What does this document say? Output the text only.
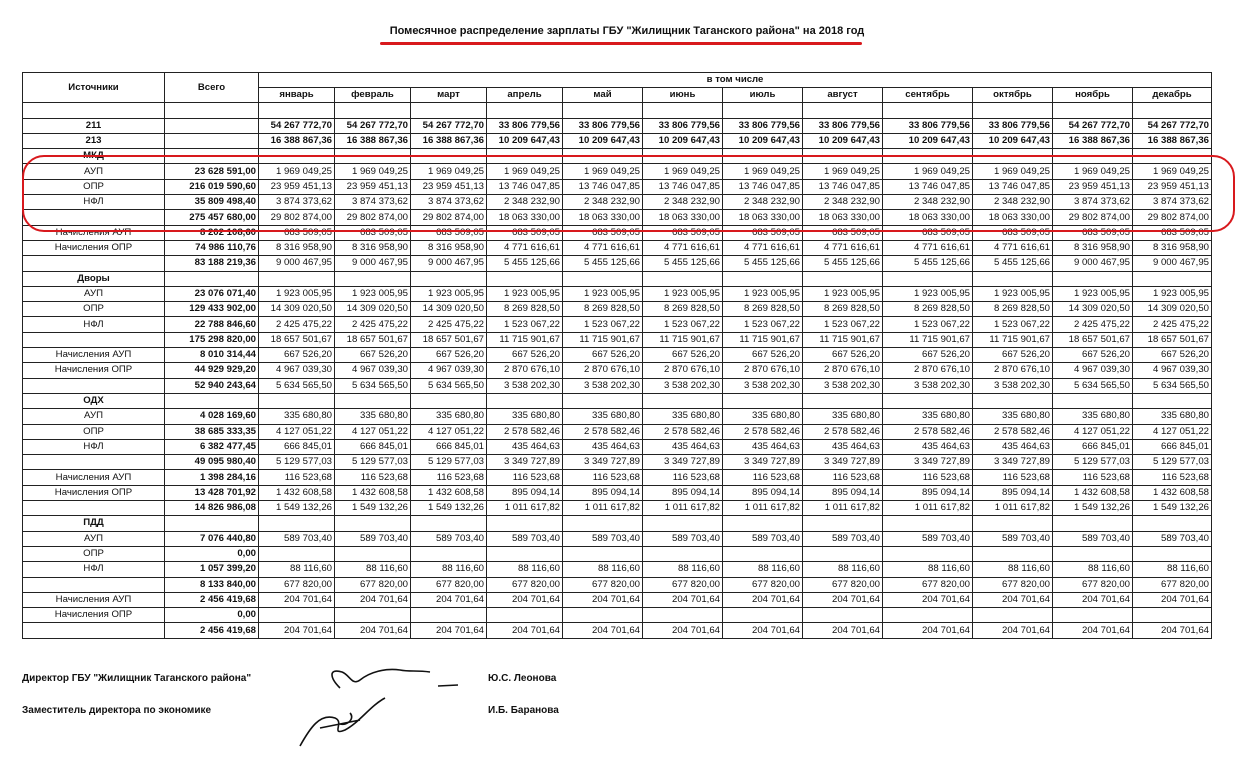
Помесячное распределение зарплаты ГБУ "Жилищник Таганского района" на 2018 год
Источники	Всего	в том числе											
		январь	февраль	март	апрель	май	июнь	июль	август	сентябрь	октябрь	ноябрь	декабрь

211		54 267 772,70	54 267 772,70	54 267 772,70	33 806 779,56	33 806 779,56	33 806 779,56	33 806 779,56	33 806 779,56	33 806 779,56	33 806 779,56	54 267 772,70	54 267 772,70
213		16 388 867,36	16 388 867,36	16 388 867,36	10 209 647,43	10 209 647,43	10 209 647,43	10 209 647,43	10 209 647,43	10 209 647,43	10 209 647,43	16 388 867,36	16 388 867,36
МКД													
АУП	23 628 591,00	1 969 049,25	1 969 049,25	1 969 049,25	1 969 049,25	1 969 049,25	1 969 049,25	1 969 049,25	1 969 049,25	1 969 049,25	1 969 049,25	1 969 049,25	1 969 049,25
ОПР	216 019 590,60	23 959 451,13	23 959 451,13	23 959 451,13	13 746 047,85	13 746 047,85	13 746 047,85	13 746 047,85	13 746 047,85	13 746 047,85	13 746 047,85	23 959 451,13	23 959 451,13
НФЛ	35 809 498,40	3 874 373,62	3 874 373,62	3 874 373,62	2 348 232,90	2 348 232,90	2 348 232,90	2 348 232,90	2 348 232,90	2 348 232,90	2 348 232,90	3 874 373,62	3 874 373,62
	275 457 680,00	29 802 874,00	29 802 874,00	29 802 874,00	18 063 330,00	18 063 330,00	18 063 330,00	18 063 330,00	18 063 330,00	18 063 330,00	18 063 330,00	29 802 874,00	29 802 874,00
Начисления АУП	8 202 108,60	683 509,05	683 509,05	683 509,05	683 509,05	683 509,05	683 509,05	683 509,05	683 509,05	683 509,05	683 509,05	683 509,05	683 509,05
Начисления ОПР	74 986 110,76	8 316 958,90	8 316 958,90	8 316 958,90	4 771 616,61	4 771 616,61	4 771 616,61	4 771 616,61	4 771 616,61	4 771 616,61	4 771 616,61	8 316 958,90	8 316 958,90
	83 188 219,36	9 000 467,95	9 000 467,95	9 000 467,95	5 455 125,66	5 455 125,66	5 455 125,66	5 455 125,66	5 455 125,66	5 455 125,66	5 455 125,66	9 000 467,95	9 000 467,95
Дворы													
АУП	23 076 071,40	1 923 005,95	1 923 005,95	1 923 005,95	1 923 005,95	1 923 005,95	1 923 005,95	1 923 005,95	1 923 005,95	1 923 005,95	1 923 005,95	1 923 005,95	1 923 005,95
ОПР	129 433 902,00	14 309 020,50	14 309 020,50	14 309 020,50	8 269 828,50	8 269 828,50	8 269 828,50	8 269 828,50	8 269 828,50	8 269 828,50	8 269 828,50	14 309 020,50	14 309 020,50
НФЛ	22 788 846,60	2 425 475,22	2 425 475,22	2 425 475,22	1 523 067,22	1 523 067,22	1 523 067,22	1 523 067,22	1 523 067,22	1 523 067,22	1 523 067,22	2 425 475,22	2 425 475,22
	175 298 820,00	18 657 501,67	18 657 501,67	18 657 501,67	11 715 901,67	11 715 901,67	11 715 901,67	11 715 901,67	11 715 901,67	11 715 901,67	11 715 901,67	18 657 501,67	18 657 501,67
Начисления АУП	8 010 314,44	667 526,20	667 526,20	667 526,20	667 526,20	667 526,20	667 526,20	667 526,20	667 526,20	667 526,20	667 526,20	667 526,20	667 526,20
Начисления ОПР	44 929 929,20	4 967 039,30	4 967 039,30	4 967 039,30	2 870 676,10	2 870 676,10	2 870 676,10	2 870 676,10	2 870 676,10	2 870 676,10	2 870 676,10	4 967 039,30	4 967 039,30
	52 940 243,64	5 634 565,50	5 634 565,50	5 634 565,50	3 538 202,30	3 538 202,30	3 538 202,30	3 538 202,30	3 538 202,30	3 538 202,30	3 538 202,30	5 634 565,50	5 634 565,50
ОДХ													
АУП	4 028 169,60	335 680,80	335 680,80	335 680,80	335 680,80	335 680,80	335 680,80	335 680,80	335 680,80	335 680,80	335 680,80	335 680,80	335 680,80
ОПР	38 685 333,35	4 127 051,22	4 127 051,22	4 127 051,22	2 578 582,46	2 578 582,46	2 578 582,46	2 578 582,46	2 578 582,46	2 578 582,46	2 578 582,46	4 127 051,22	4 127 051,22
НФЛ	6 382 477,45	666 845,01	666 845,01	666 845,01	435 464,63	435 464,63	435 464,63	435 464,63	435 464,63	435 464,63	435 464,63	666 845,01	666 845,01
	49 095 980,40	5 129 577,03	5 129 577,03	5 129 577,03	3 349 727,89	3 349 727,89	3 349 727,89	3 349 727,89	3 349 727,89	3 349 727,89	3 349 727,89	5 129 577,03	5 129 577,03
Начисления АУП	1 398 284,16	116 523,68	116 523,68	116 523,68	116 523,68	116 523,68	116 523,68	116 523,68	116 523,68	116 523,68	116 523,68	116 523,68	116 523,68
Начисления ОПР	13 428 701,92	1 432 608,58	1 432 608,58	1 432 608,58	895 094,14	895 094,14	895 094,14	895 094,14	895 094,14	895 094,14	895 094,14	1 432 608,58	1 432 608,58
	14 826 986,08	1 549 132,26	1 549 132,26	1 549 132,26	1 011 617,82	1 011 617,82	1 011 617,82	1 011 617,82	1 011 617,82	1 011 617,82	1 011 617,82	1 549 132,26	1 549 132,26
ПДД													
АУП	7 076 440,80	589 703,40	589 703,40	589 703,40	589 703,40	589 703,40	589 703,40	589 703,40	589 703,40	589 703,40	589 703,40	589 703,40	589 703,40
ОПР	0,00												
НФЛ	1 057 399,20	88 116,60	88 116,60	88 116,60	88 116,60	88 116,60	88 116,60	88 116,60	88 116,60	88 116,60	88 116,60	88 116,60	88 116,60
	8 133 840,00	677 820,00	677 820,00	677 820,00	677 820,00	677 820,00	677 820,00	677 820,00	677 820,00	677 820,00	677 820,00	677 820,00	677 820,00
Начисления АУП	2 456 419,68	204 701,64	204 701,64	204 701,64	204 701,64	204 701,64	204 701,64	204 701,64	204 701,64	204 701,64	204 701,64	204 701,64	204 701,64
Начисления ОПР	0,00												
	2 456 419,68	204 701,64	204 701,64	204 701,64	204 701,64	204 701,64	204 701,64	204 701,64	204 701,64	204 701,64	204 701,64	204 701,64	204 701,64
Директор ГБУ "Жилищник Таганского района"	Ю.С. Леонова
Заместитель директора по экономике	И.Б. Баранова
